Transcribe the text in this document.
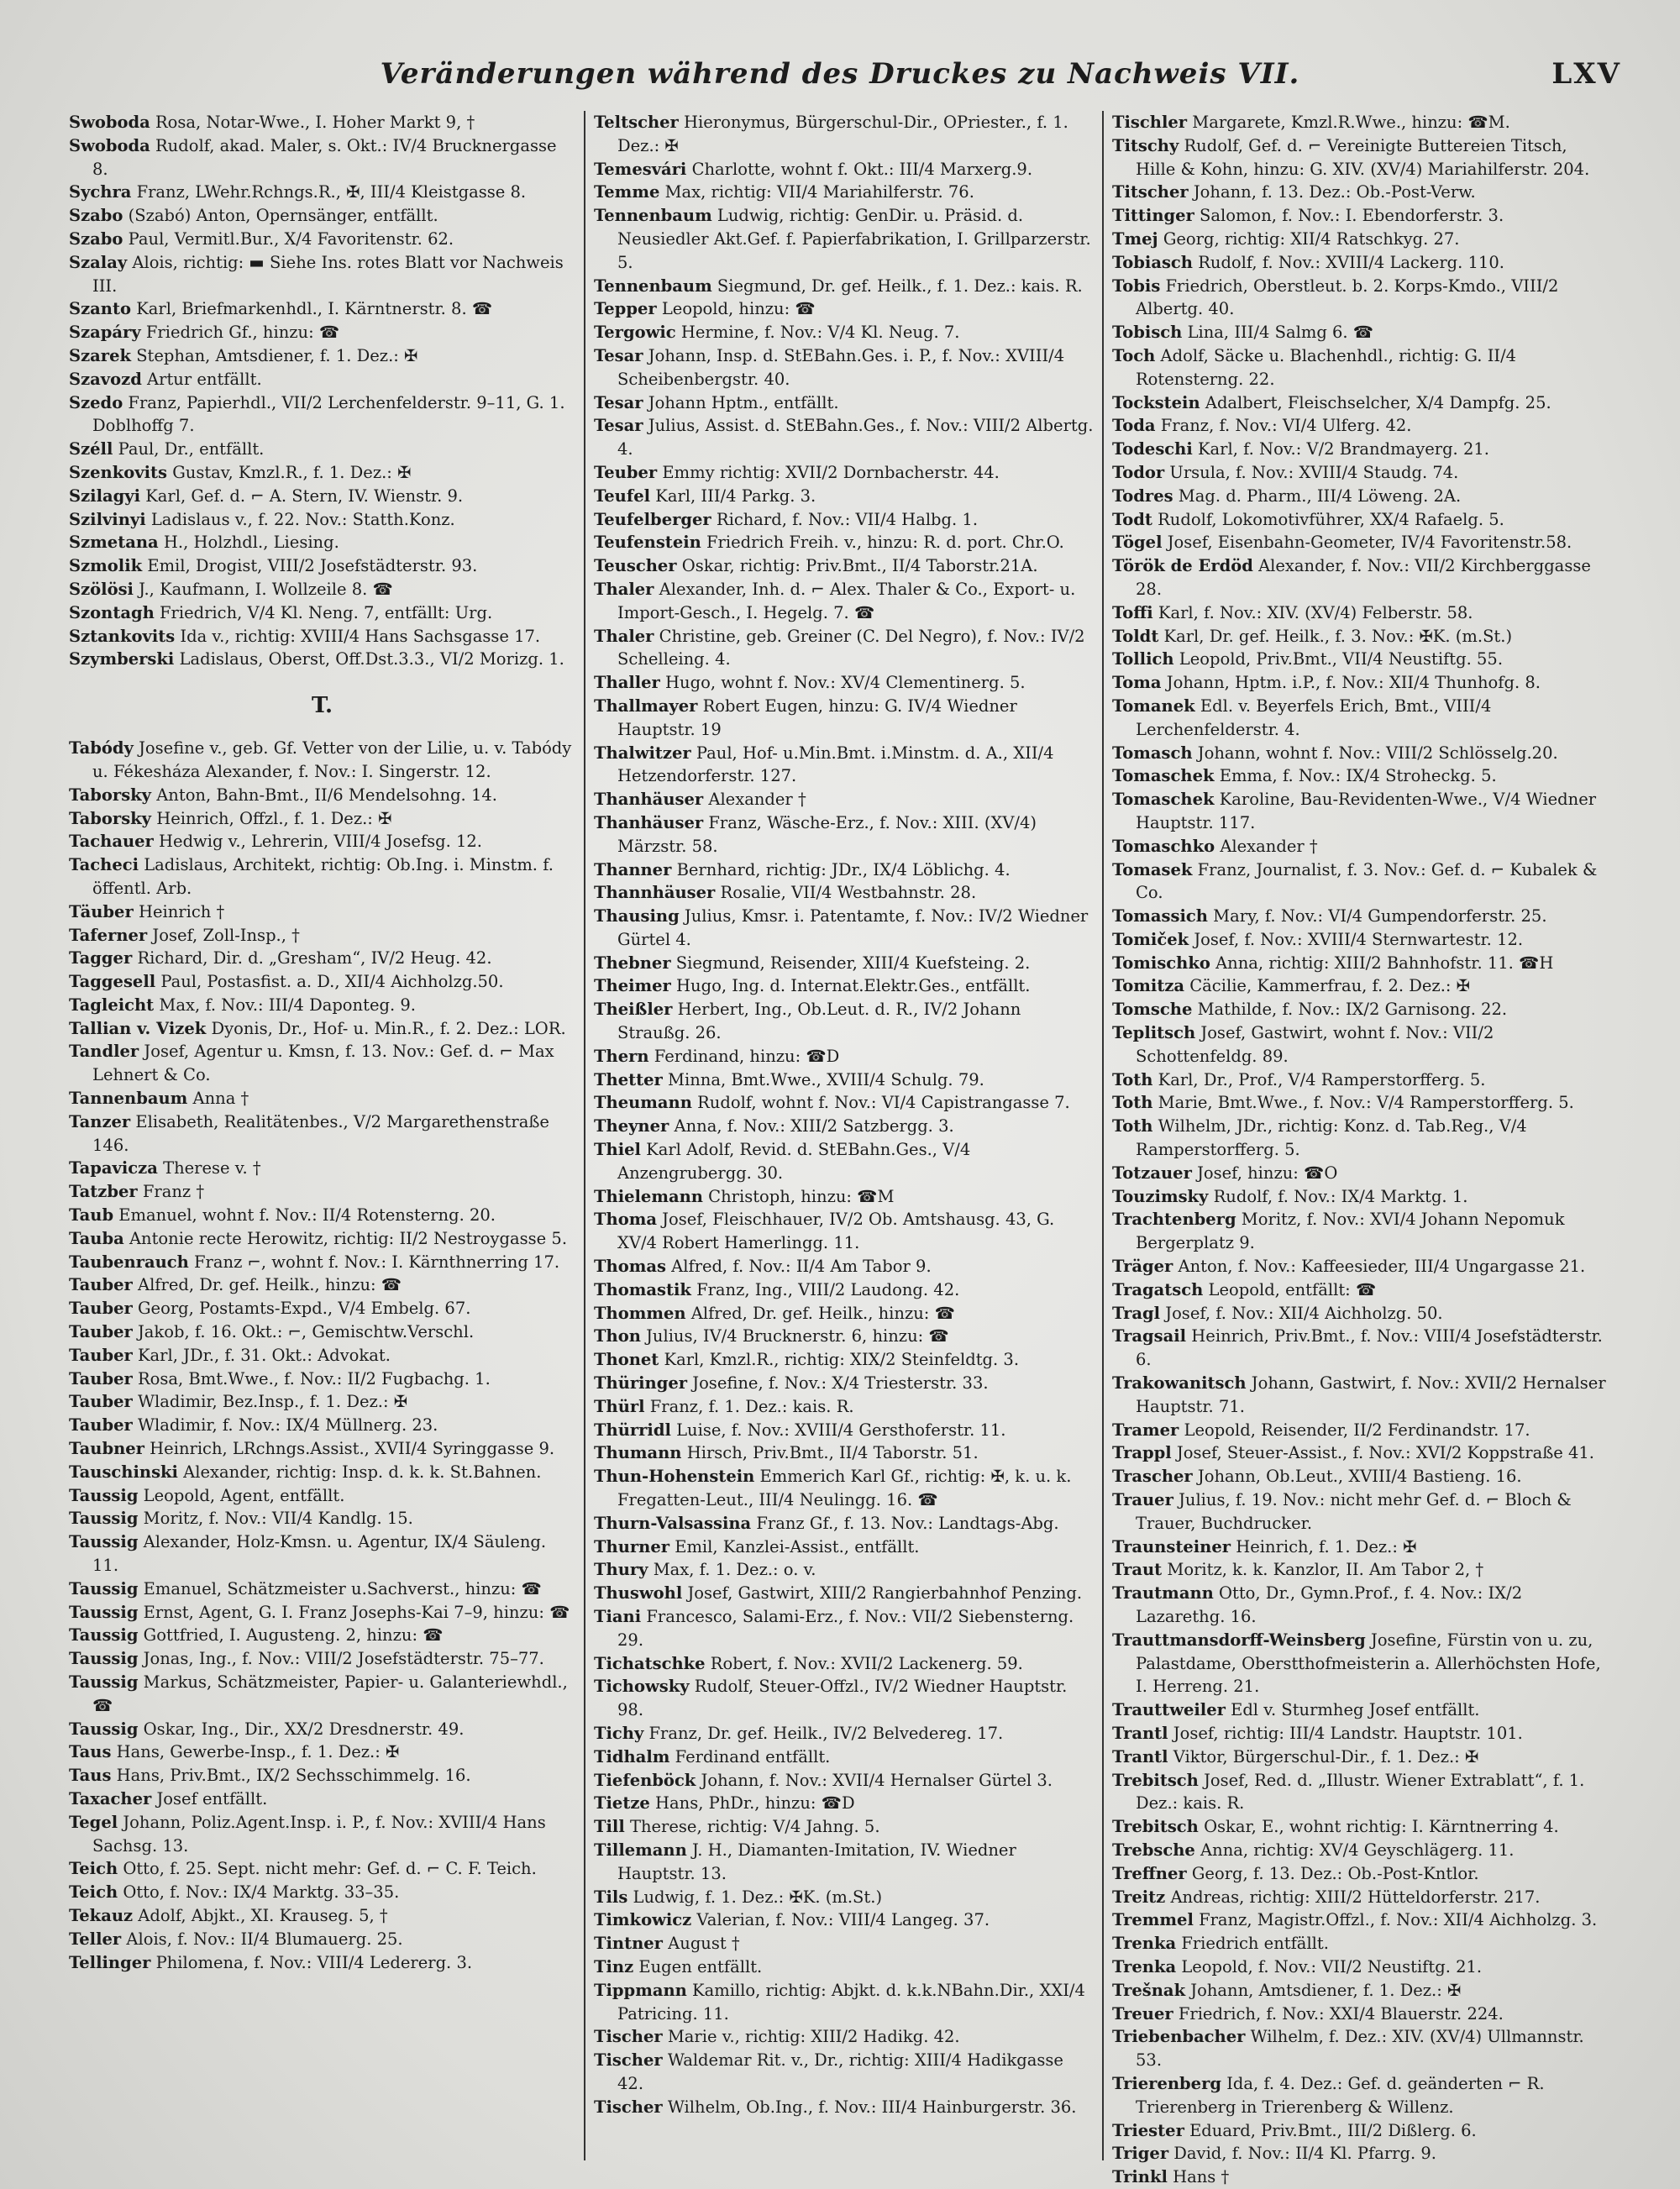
Veränderungen während des Druckes zu Nachweis VII.	LXV
Swoboda Rosa, Notar-Wwe., I. Hoher Markt 9, †
Swoboda Rudolf, akad. Maler, s. Okt.: IV/4 Brucknergasse 8.
Sychra Franz, LWehr.Rchngs.R., ✠, III/4 Kleistgasse 8.
Szabo (Szabó) Anton, Opernsänger, entfällt.
Szabo Paul, Vermitl.Bur., X/4 Favoritenstr. 62.
Szalay Alois, richtig: ▬ Siehe Ins. rotes Blatt vor Nachweis III.
Szanto Karl, Briefmarkenhdl., I. Kärntnerstr. 8. ☎
Szapáry Friedrich Gf., hinzu: ☎
Szarek Stephan, Amtsdiener, f. 1. Dez.: ✠
Szavozd Artur entfällt.
Szedo Franz, Papierhdl., VII/2 Lerchenfelderstr. 9–11, G. 1. Doblhoffg 7.
Széll Paul, Dr., entfällt.
Szenkovits Gustav, Kmzl.R., f. 1. Dez.: ✠
Szilagyi Karl, Gef. d. ⌐ A. Stern, IV. Wienstr. 9.
Szilvinyi Ladislaus v., f. 22. Nov.: Statth.Konz.
Szmetana H., Holzhdl., Liesing.
Szmolik Emil, Drogist, VIII/2 Josefstädterstr. 93.
Szölösi J., Kaufmann, I. Wollzeile 8. ☎
Szontagh Friedrich, V/4 Kl. Neng. 7, entfällt: Urg.
Sztankovits Ida v., richtig: XVIII/4 Hans Sachsgasse 17.
Szymberski Ladislaus, Oberst, Off.Dst.3.3., VI/2 Morizg. 1.
T.
Tabódy Josefine v., geb. Gf. Vetter von der Lilie, u. v. Tabódy u. Fékesháza Alexander, f. Nov.: I. Singerstr. 12.
Taborsky Anton, Bahn-Bmt., II/6 Mendelsohng. 14.
Taborsky Heinrich, Offzl., f. 1. Dez.: ✠
Tachauer Hedwig v., Lehrerin, VIII/4 Josefsg. 12.
Tacheci Ladislaus, Architekt, richtig: Ob.Ing. i. Minstm. f. öffentl. Arb.
Täuber Heinrich †
Taferner Josef, Zoll-Insp., †
Tagger Richard, Dir. d. „Gresham“, IV/2 Heug. 42.
Taggesell Paul, Postasfist. a. D., XII/4 Aichholzg.50.
Tagleicht Max, f. Nov.: III/4 Daponteg. 9.
Tallian v. Vizek Dyonis, Dr., Hof- u. Min.R., f. 2. Dez.: LOR.
Tandler Josef, Agentur u. Kmsn, f. 13. Nov.: Gef. d. ⌐ Max Lehnert & Co.
Tannenbaum Anna †
Tanzer Elisabeth, Realitätenbes., V/2 Margarethenstraße 146.
Tapavicza Therese v. †
Tatzber Franz †
Taub Emanuel, wohnt f. Nov.: II/4 Rotensterng. 20.
Tauba Antonie recte Herowitz, richtig: II/2 Nestroygasse 5.
Taubenrauch Franz ⌐, wohnt f. Nov.: I. Kärnthnerring 17.
Tauber Alfred, Dr. gef. Heilk., hinzu: ☎
Tauber Georg, Postamts-Expd., V/4 Embelg. 67.
Tauber Jakob, f. 16. Okt.: ⌐, Gemischtw.Verschl.
Tauber Karl, JDr., f. 31. Okt.: Advokat.
Tauber Rosa, Bmt.Wwe., f. Nov.: II/2 Fugbachg. 1.
Tauber Wladimir, Bez.Insp., f. 1. Dez.: ✠
Tauber Wladimir, f. Nov.: IX/4 Müllnerg. 23.
Taubner Heinrich, LRchngs.Assist., XVII/4 Syringgasse 9.
Tauschinski Alexander, richtig: Insp. d. k. k. St.Bahnen.
Taussig Leopold, Agent, entfällt.
Taussig Moritz, f. Nov.: VII/4 Kandlg. 15.
Taussig Alexander, Holz-Kmsn. u. Agentur, IX/4 Säuleng. 11.
Taussig Emanuel, Schätzmeister u.Sachverst., hinzu: ☎
Taussig Ernst, Agent, G. I. Franz Josephs-Kai 7–9, hinzu: ☎
Taussig Gottfried, I. Augusteng. 2, hinzu: ☎
Taussig Jonas, Ing., f. Nov.: VIII/2 Josefstädterstr. 75–77.
Taussig Markus, Schätzmeister, Papier- u. Galanteriewhdl., ☎
Taussig Oskar, Ing., Dir., XX/2 Dresdnerstr. 49.
Taus Hans, Gewerbe-Insp., f. 1. Dez.: ✠
Taus Hans, Priv.Bmt., IX/2 Sechsschimmelg. 16.
Taxacher Josef entfällt.
Tegel Johann, Poliz.Agent.Insp. i. P., f. Nov.: XVIII/4 Hans Sachsg. 13.
Teich Otto, f. 25. Sept. nicht mehr: Gef. d. ⌐ C. F. Teich.
Teich Otto, f. Nov.: IX/4 Marktg. 33–35.
Tekauz Adolf, Abjkt., XI. Krauseg. 5, †
Teller Alois, f. Nov.: II/4 Blumauerg. 25.
Tellinger Philomena, f. Nov.: VIII/4 Ledererg. 3.
Teltscher Hieronymus, Bürgerschul-Dir., OPriester., f. 1. Dez.: ✠
Temesvári Charlotte, wohnt f. Okt.: III/4 Marxerg.9.
Temme Max, richtig: VII/4 Mariahilferstr. 76.
Tennenbaum Ludwig, richtig: GenDir. u. Präsid. d. Neusiedler Akt.Gef. f. Papierfabrikation, I. Grillparzerstr. 5.
Tennenbaum Siegmund, Dr. gef. Heilk., f. 1. Dez.: kais. R.
Tepper Leopold, hinzu: ☎
Tergowic Hermine, f. Nov.: V/4 Kl. Neug. 7.
Tesar Johann, Insp. d. StEBahn.Ges. i. P., f. Nov.: XVIII/4 Scheibenbergstr. 40.
Tesar Johann Hptm., entfällt.
Tesar Julius, Assist. d. StEBahn.Ges., f. Nov.: VIII/2 Albertg. 4.
Teuber Emmy richtig: XVII/2 Dornbacherstr. 44.
Teufel Karl, III/4 Parkg. 3.
Teufelberger Richard, f. Nov.: VII/4 Halbg. 1.
Teufenstein Friedrich Freih. v., hinzu: R. d. port. Chr.O.
Teuscher Oskar, richtig: Priv.Bmt., II/4 Taborstr.21A.
Thaler Alexander, Inh. d. ⌐ Alex. Thaler & Co., Export- u. Import-Gesch., I. Hegelg. 7. ☎
Thaler Christine, geb. Greiner (C. Del Negro), f. Nov.: IV/2 Schelleing. 4.
Thaller Hugo, wohnt f. Nov.: XV/4 Clementinerg. 5.
Thallmayer Robert Eugen, hinzu: G. IV/4 Wiedner Hauptstr. 19
Thalwitzer Paul, Hof- u.Min.Bmt. i.Minstm. d. A., XII/4 Hetzendorferstr. 127.
Thanhäuser Alexander †
Thanhäuser Franz, Wäsche-Erz., f. Nov.: XIII. (XV/4) Märzstr. 58.
Thanner Bernhard, richtig: JDr., IX/4 Löblichg. 4.
Thannhäuser Rosalie, VII/4 Westbahnstr. 28.
Thausing Julius, Kmsr. i. Patentamte, f. Nov.: IV/2 Wiedner Gürtel 4.
Thebner Siegmund, Reisender, XIII/4 Kuefsteing. 2.
Theimer Hugo, Ing. d. Internat.Elektr.Ges., entfällt.
Theißler Herbert, Ing., Ob.Leut. d. R., IV/2 Johann Straußg. 26.
Thern Ferdinand, hinzu: ☎D
Thetter Minna, Bmt.Wwe., XVIII/4 Schulg. 79.
Theumann Rudolf, wohnt f. Nov.: VI/4 Capistrangasse 7.
Theyner Anna, f. Nov.: XIII/2 Satzbergg. 3.
Thiel Karl Adolf, Revid. d. StEBahn.Ges., V/4 Anzengrubergg. 30.
Thielemann Christoph, hinzu: ☎M
Thoma Josef, Fleischhauer, IV/2 Ob. Amtshausg. 43, G. XV/4 Robert Hamerlingg. 11.
Thomas Alfred, f. Nov.: II/4 Am Tabor 9.
Thomastik Franz, Ing., VIII/2 Laudong. 42.
Thommen Alfred, Dr. gef. Heilk., hinzu: ☎
Thon Julius, IV/4 Brucknerstr. 6, hinzu: ☎
Thonet Karl, Kmzl.R., richtig: XIX/2 Steinfeldtg. 3.
Thüringer Josefine, f. Nov.: X/4 Triesterstr. 33.
Thürl Franz, f. 1. Dez.: kais. R.
Thürridl Luise, f. Nov.: XVIII/4 Gersthoferstr. 11.
Thumann Hirsch, Priv.Bmt., II/4 Taborstr. 51.
Thun-Hohenstein Emmerich Karl Gf., richtig: ✠, k. u. k. Fregatten-Leut., III/4 Neulingg. 16. ☎
Thurn-Valsassina Franz Gf., f. 13. Nov.: Landtags-Abg.
Thurner Emil, Kanzlei-Assist., entfällt.
Thury Max, f. 1. Dez.: o. v.
Thuswohl Josef, Gastwirt, XIII/2 Rangierbahnhof Penzing.
Tiani Francesco, Salami-Erz., f. Nov.: VII/2 Siebensterng. 29.
Tichatschke Robert, f. Nov.: XVII/2 Lackenerg. 59.
Tichowsky Rudolf, Steuer-Offzl., IV/2 Wiedner Hauptstr. 98.
Tichy Franz, Dr. gef. Heilk., IV/2 Belvedereg. 17.
Tidhalm Ferdinand entfällt.
Tiefenböck Johann, f. Nov.: XVII/4 Hernalser Gürtel 3.
Tietze Hans, PhDr., hinzu: ☎D
Till Therese, richtig: V/4 Jahng. 5.
Tillemann J. H., Diamanten-Imitation, IV. Wiedner Hauptstr. 13.
Tils Ludwig, f. 1. Dez.: ✠K. (m.St.)
Timkowicz Valerian, f. Nov.: VIII/4 Langeg. 37.
Tintner August †
Tinz Eugen entfällt.
Tippmann Kamillo, richtig: Abjkt. d. k.k.NBahn.Dir., XXI/4 Patricing. 11.
Tischer Marie v., richtig: XIII/2 Hadikg. 42.
Tischer Waldemar Rit. v., Dr., richtig: XIII/4 Hadikgasse 42.
Tischer Wilhelm, Ob.Ing., f. Nov.: III/4 Hainburgerstr. 36.
Tischler Margarete, Kmzl.R.Wwe., hinzu: ☎M.
Titschy Rudolf, Gef. d. ⌐ Vereinigte Buttereien Titsch, Hille & Kohn, hinzu: G. XIV. (XV/4) Mariahilferstr. 204.
Titscher Johann, f. 13. Dez.: Ob.-Post-Verw.
Tittinger Salomon, f. Nov.: I. Ebendorferstr. 3.
Tmej Georg, richtig: XII/4 Ratschkyg. 27.
Tobiasch Rudolf, f. Nov.: XVIII/4 Lackerg. 110.
Tobis Friedrich, Oberstleut. b. 2. Korps-Kmdo., VIII/2 Albertg. 40.
Tobisch Lina, III/4 Salmg 6. ☎
Toch Adolf, Säcke u. Blachenhdl., richtig: G. II/4 Rotensterng. 22.
Tockstein Adalbert, Fleischselcher, X/4 Dampfg. 25.
Toda Franz, f. Nov.: VI/4 Ulferg. 42.
Todeschi Karl, f. Nov.: V/2 Brandmayerg. 21.
Todor Ursula, f. Nov.: XVIII/4 Staudg. 74.
Todres Mag. d. Pharm., III/4 Löweng. 2A.
Todt Rudolf, Lokomotivführer, XX/4 Rafaelg. 5.
Tögel Josef, Eisenbahn-Geometer, IV/4 Favoritenstr.58.
Török de Erdöd Alexander, f. Nov.: VII/2 Kirchberggasse 28.
Toffi Karl, f. Nov.: XIV. (XV/4) Felberstr. 58.
Toldt Karl, Dr. gef. Heilk., f. 3. Nov.: ✠K. (m.St.)
Tollich Leopold, Priv.Bmt., VII/4 Neustiftg. 55.
Toma Johann, Hptm. i.P., f. Nov.: XII/4 Thunhofg. 8.
Tomanek Edl. v. Beyerfels Erich, Bmt., VIII/4 Lerchenfelderstr. 4.
Tomasch Johann, wohnt f. Nov.: VIII/2 Schlösselg.20.
Tomaschek Emma, f. Nov.: IX/4 Stroheckg. 5.
Tomaschek Karoline, Bau-Revidenten-Wwe., V/4 Wiedner Hauptstr. 117.
Tomaschko Alexander †
Tomasek Franz, Journalist, f. 3. Nov.: Gef. d. ⌐ Kubalek & Co.
Tomassich Mary, f. Nov.: VI/4 Gumpendorferstr. 25.
Tomiček Josef, f. Nov.: XVIII/4 Sternwartestr. 12.
Tomischko Anna, richtig: XIII/2 Bahnhofstr. 11. ☎H
Tomitza Cäcilie, Kammerfrau, f. 2. Dez.: ✠
Tomsche Mathilde, f. Nov.: IX/2 Garnisong. 22.
Teplitsch Josef, Gastwirt, wohnt f. Nov.: VII/2 Schottenfeldg. 89.
Toth Karl, Dr., Prof., V/4 Ramperstorfferg. 5.
Toth Marie, Bmt.Wwe., f. Nov.: V/4 Ramperstorfferg. 5.
Toth Wilhelm, JDr., richtig: Konz. d. Tab.Reg., V/4 Ramperstorfferg. 5.
Totzauer Josef, hinzu: ☎O
Touzimsky Rudolf, f. Nov.: IX/4 Marktg. 1.
Trachtenberg Moritz, f. Nov.: XVI/4 Johann Nepomuk Bergerplatz 9.
Träger Anton, f. Nov.: Kaffeesieder, III/4 Ungargasse 21.
Tragatsch Leopold, entfällt: ☎
Tragl Josef, f. Nov.: XII/4 Aichholzg. 50.
Tragsail Heinrich, Priv.Bmt., f. Nov.: VIII/4 Josefstädterstr. 6.
Trakowanitsch Johann, Gastwirt, f. Nov.: XVII/2 Hernalser Hauptstr. 71.
Tramer Leopold, Reisender, II/2 Ferdinandstr. 17.
Trappl Josef, Steuer-Assist., f. Nov.: XVI/2 Koppstraße 41.
Trascher Johann, Ob.Leut., XVIII/4 Bastieng. 16.
Trauer Julius, f. 19. Nov.: nicht mehr Gef. d. ⌐ Bloch & Trauer, Buchdrucker.
Traunsteiner Heinrich, f. 1. Dez.: ✠
Traut Moritz, k. k. Kanzlor, II. Am Tabor 2, †
Trautmann Otto, Dr., Gymn.Prof., f. 4. Nov.: IX/2 Lazarethg. 16.
Trauttmansdorff-Weinsberg Josefine, Fürstin von u. zu, Palastdame, Oberstthofmeisterin a. Allerhöchsten Hofe, I. Herreng. 21.
Trauttweiler Edl v. Sturmheg Josef entfällt.
Trantl Josef, richtig: III/4 Landstr. Hauptstr. 101.
Trantl Viktor, Bürgerschul-Dir., f. 1. Dez.: ✠
Trebitsch Josef, Red. d. „Illustr. Wiener Extrablatt“, f. 1. Dez.: kais. R.
Trebitsch Oskar, E., wohnt richtig: I. Kärntnerring 4.
Trebsche Anna, richtig: XV/4 Geyschlägerg. 11.
Treffner Georg, f. 13. Dez.: Ob.-Post-Kntlor.
Treitz Andreas, richtig: XIII/2 Hütteldorferstr. 217.
Tremmel Franz, Magistr.Offzl., f. Nov.: XII/4 Aichholzg. 3.
Trenka Friedrich entfällt.
Trenka Leopold, f. Nov.: VII/2 Neustiftg. 21.
Trešnak Johann, Amtsdiener, f. 1. Dez.: ✠
Treuer Friedrich, f. Nov.: XXI/4 Blauerstr. 224.
Triebenbacher Wilhelm, f. Dez.: XIV. (XV/4) Ullmannstr. 53.
Trierenberg Ida, f. 4. Dez.: Gef. d. geänderten ⌐ R. Trierenberg in Trierenberg & Willenz.
Triester Eduard, Priv.Bmt., III/2 Dißlerg. 6.
Triger David, f. Nov.: II/4 Kl. Pfarrg. 9.
Trinkl Hans †
